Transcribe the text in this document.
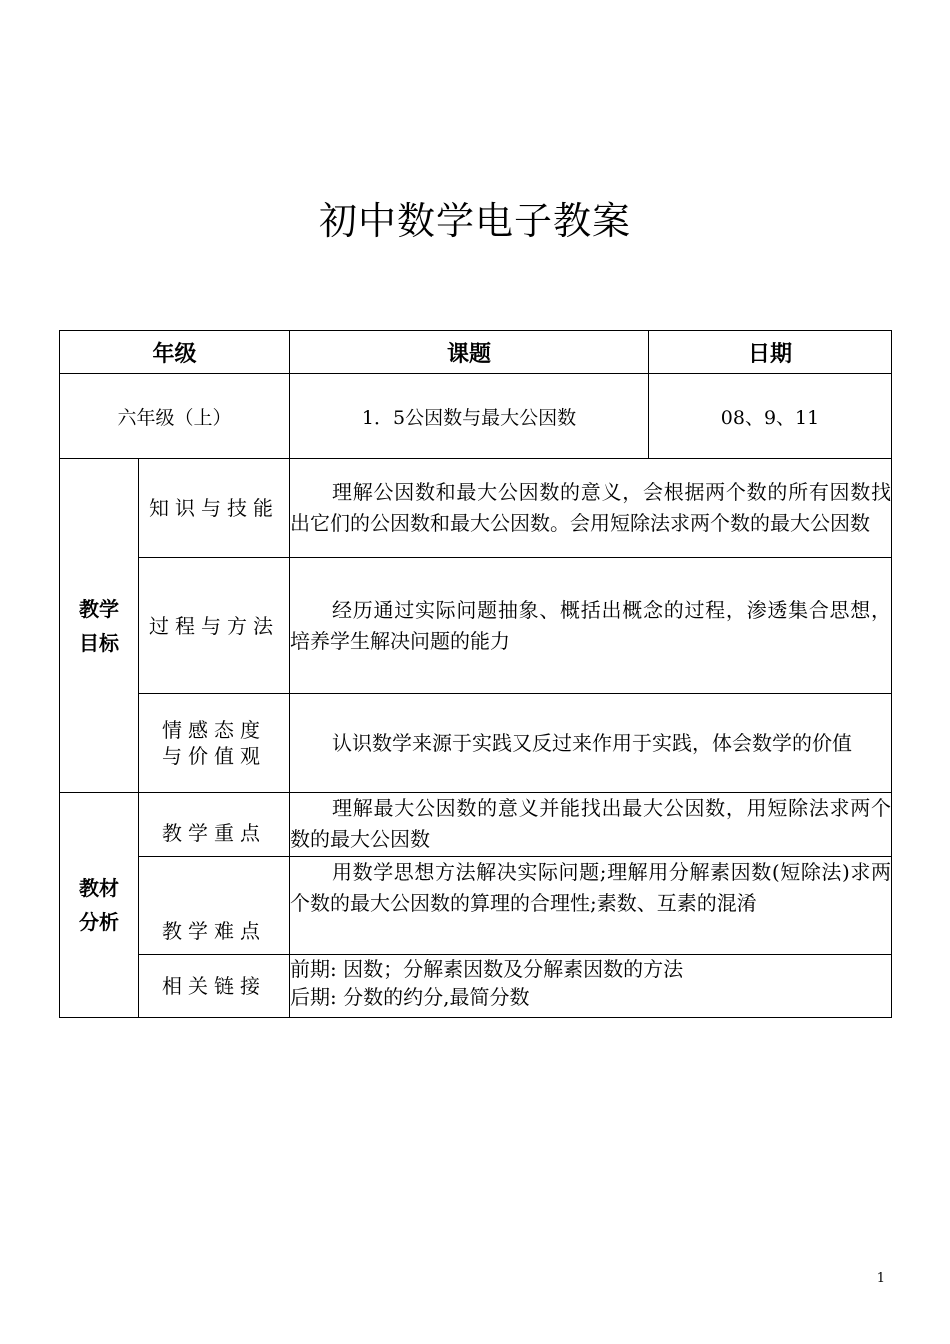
初中数学电子教案
年级		课题	日期
六年级（上）		1．5公因数与最大公因数	08、9、11

教学
目标	知识与技能	理解公因数和最大公因数的意义，会根据两个数的所有因数找出它们的公因数和最大公因数。会用短除法求两个数的最大公因数	

	过程与方法	经历通过实际问题抽象、概括出概念的过程，渗透集合思想，培养学生解决问题的能力	

	情感态度
与价值观	认识数学来源于实践又反过来作用于实践，体会数学的价值	

教材
分析	教学重点	理解最大公因数的意义并能找出最大公因数，用短除法求两个数的最大公因数	

	教学难点	用数学思想方法解决实际问题;理解用分解素因数(短除法)求两个数的最大公因数的算理的合理性;素数、互素的混淆	

	相关链接	前期: 因数；分解素因数及分解素因数的方法
后期: 分数的约分,最简分数	
1
